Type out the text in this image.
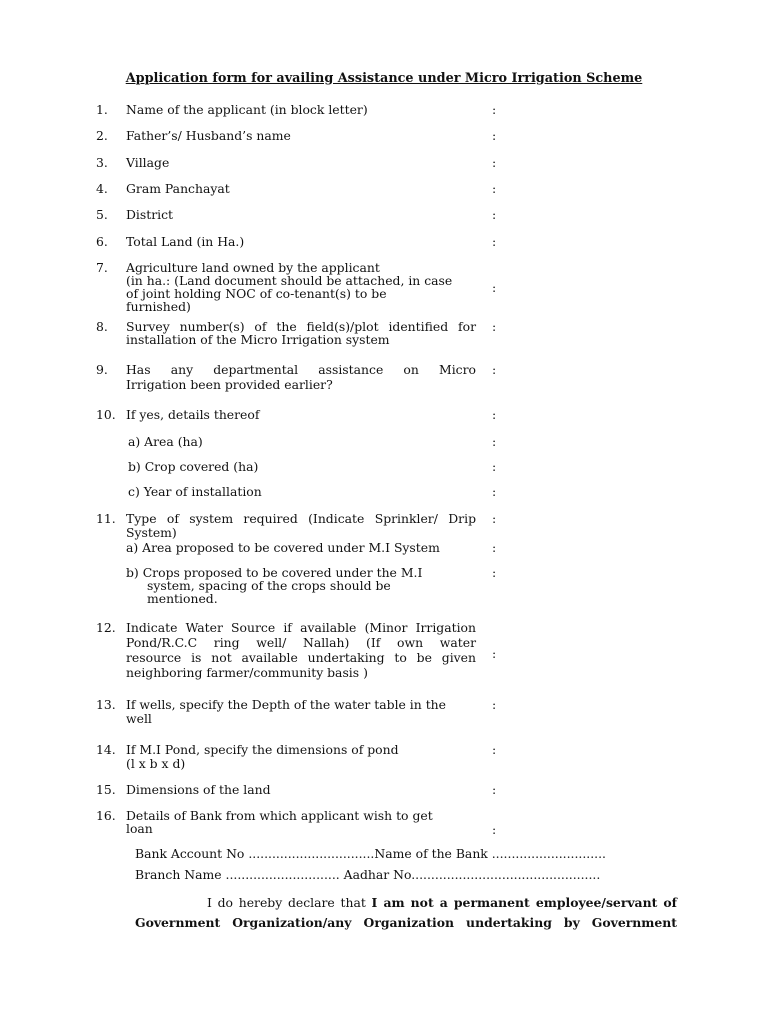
Application form for availing Assistance under Micro Irrigation Scheme
1. Name of the applicant (in block letter)	:
2. Father’s/ Husband’s name	:
3. Village	:
4. Gram Panchayat	:
5. District	:
6. Total Land (in Ha.)	:
7. Agriculture land owned by the applicant
(in ha.: (Land document should be attached, in case
of joint holding NOC of co-tenant(s) to be
furnished)
:
8. Survey number(s) of the field(s)/plot identified for
installation of the Micro Irrigation system
:
9. Has any departmental assistance on Micro
Irrigation been provided earlier?
:
10. If yes, details thereof	:
a) Area (ha)	:
b) Crop covered (ha)	:
c) Year of installation	:
11. Type of system required (Indicate Sprinkler/ Drip
System)
:
a) Area proposed to be covered under M.I System	:
b) Crops proposed to be covered under the M.I
system, spacing of the crops should be
mentioned.
:
12. Indicate Water Source if available (Minor Irrigation
Pond/R.C.C ring well/ Nallah) (If own water
resource is not available undertaking to be given
neighboring farmer/community basis )
:
13. If wells, specify the Depth of the water table in the
well
:
14. If M.I Pond, specify the dimensions of pond
(l x b x d)
:
15. Dimensions of the land	:
16. Details of Bank from which applicant wish to get
loan	:
Bank Account No ................................Name of the Bank .............................
Branch Name ............................. Aadhar No................................................
I do hereby declare that I am not a permanent employee/servant of
Government Organization/any Organization undertaking by Government
